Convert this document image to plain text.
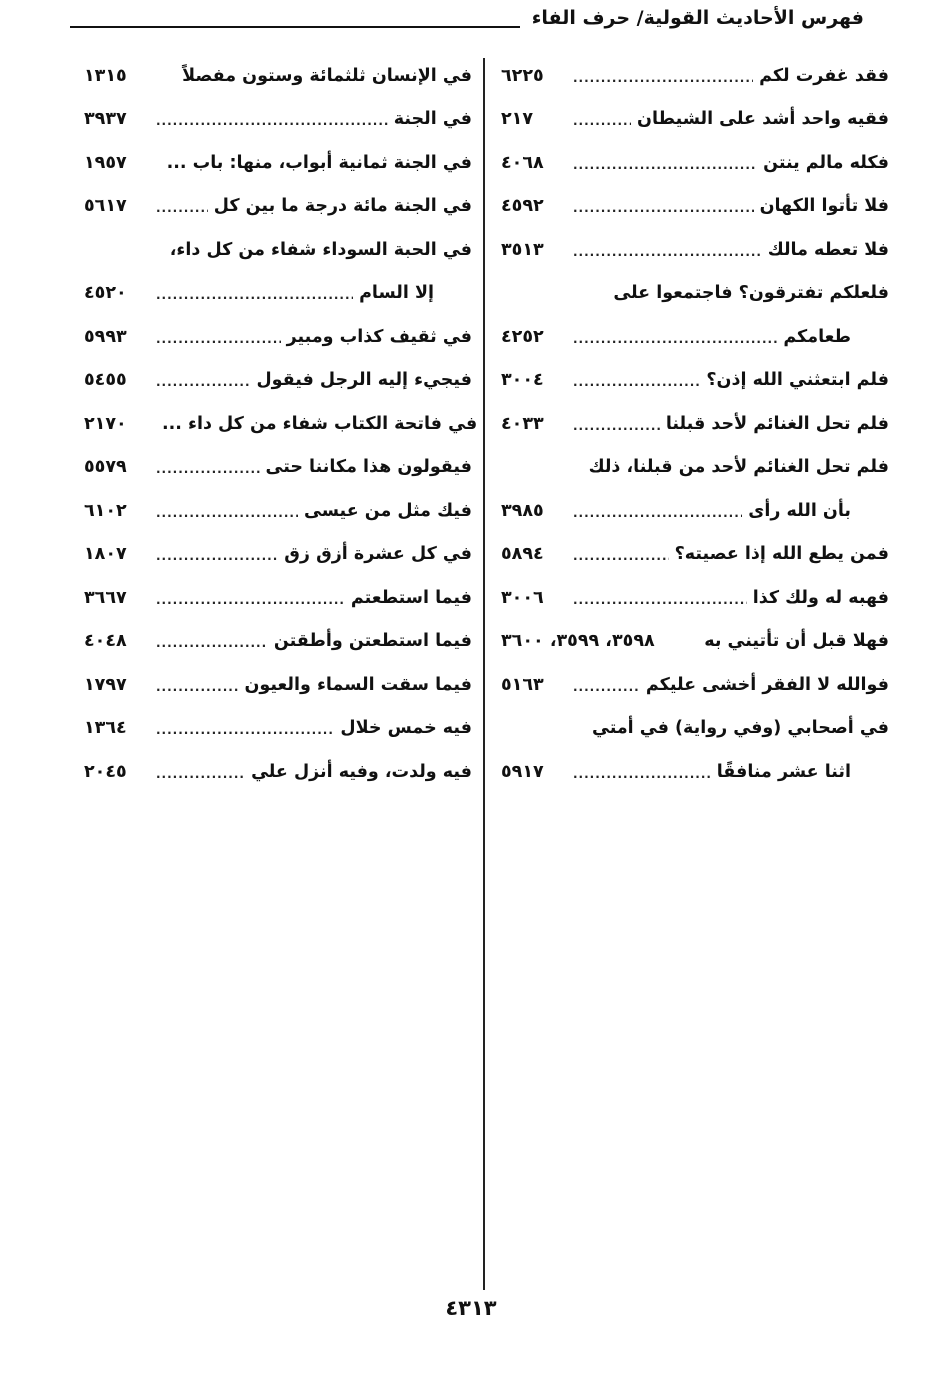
فهرس الأحاديث القولية/ حرف الفاء
٦٢٢٥ .....	فقد غفرت لكم
٢١٧ .....	فقيه واحد أشد على الشيطان
٤٠٦٨ .....	فكله مالم ينتن
٤٥٩٢ .....	فلا تأتوا الكهان
٣٥١٣ .....	فلا تعطه مالك
فلعلكم تفترقون؟ فاجتمعوا على
٤٢٥٢ .....	طعامكم
٣٠٠٤ .....	فلم ابتعثني الله إذن؟
٤٠٣٣ .....	فلم تحل الغنائم لأحد قبلنا
فلم تحل الغنائم لأحد من قبلنا، ذلك
٣٩٨٥ .....	بأن الله رأى
٥٨٩٤ .....	فمن يطع الله إذا عصيته؟
٣٠٠٦ .....	فهبه له ولك كذا
٣٥٩٨، ٣٥٩٩، ٣٦٠٠	فهلا قبل أن تأتيني به
٥١٦٣ .....	فوالله لا الفقر أخشى عليكم
في أصحابي (وفي رواية) في أمتي
٥٩١٧ .....	اثنا عشر منافقًا
١٣١٥	في الإنسان ثلثمائة وستون مفصلاً
٣٩٣٧ .....	في الجنة
١٩٥٧	في الجنة ثمانية أبواب، منها: باب ...
٥٦١٧ .....	في الجنة مائة درجة ما بين كل
في الحبة السوداء شفاء من كل داء،
٤٥٢٠ .....	إلا السام
٥٩٩٣ .....	في ثقيف كذاب ومبير
٥٤٥٥ .....	فيجيء إليه الرجل فيقول
٢١٧٠	في فاتحة الكتاب شفاء من كل داء ...
٥٥٧٩ .....	فيقولون هذا مكاننا حتى
٦١٠٢ .....	فيك مثل من عيسى
١٨٠٧ .....	في كل عشرة أزق زق
٣٦٦٧ .....	فيما استطعتم
٤٠٤٨ .....	فيما استطعتن وأطقتن
١٧٩٧ .....	فيما سقت السماء والعيون
١٣٦٤ .....	فيه خمس خلال
٢٠٤٥ .....	فيه ولدت، وفيه أنزل علي
٤٣١٣
